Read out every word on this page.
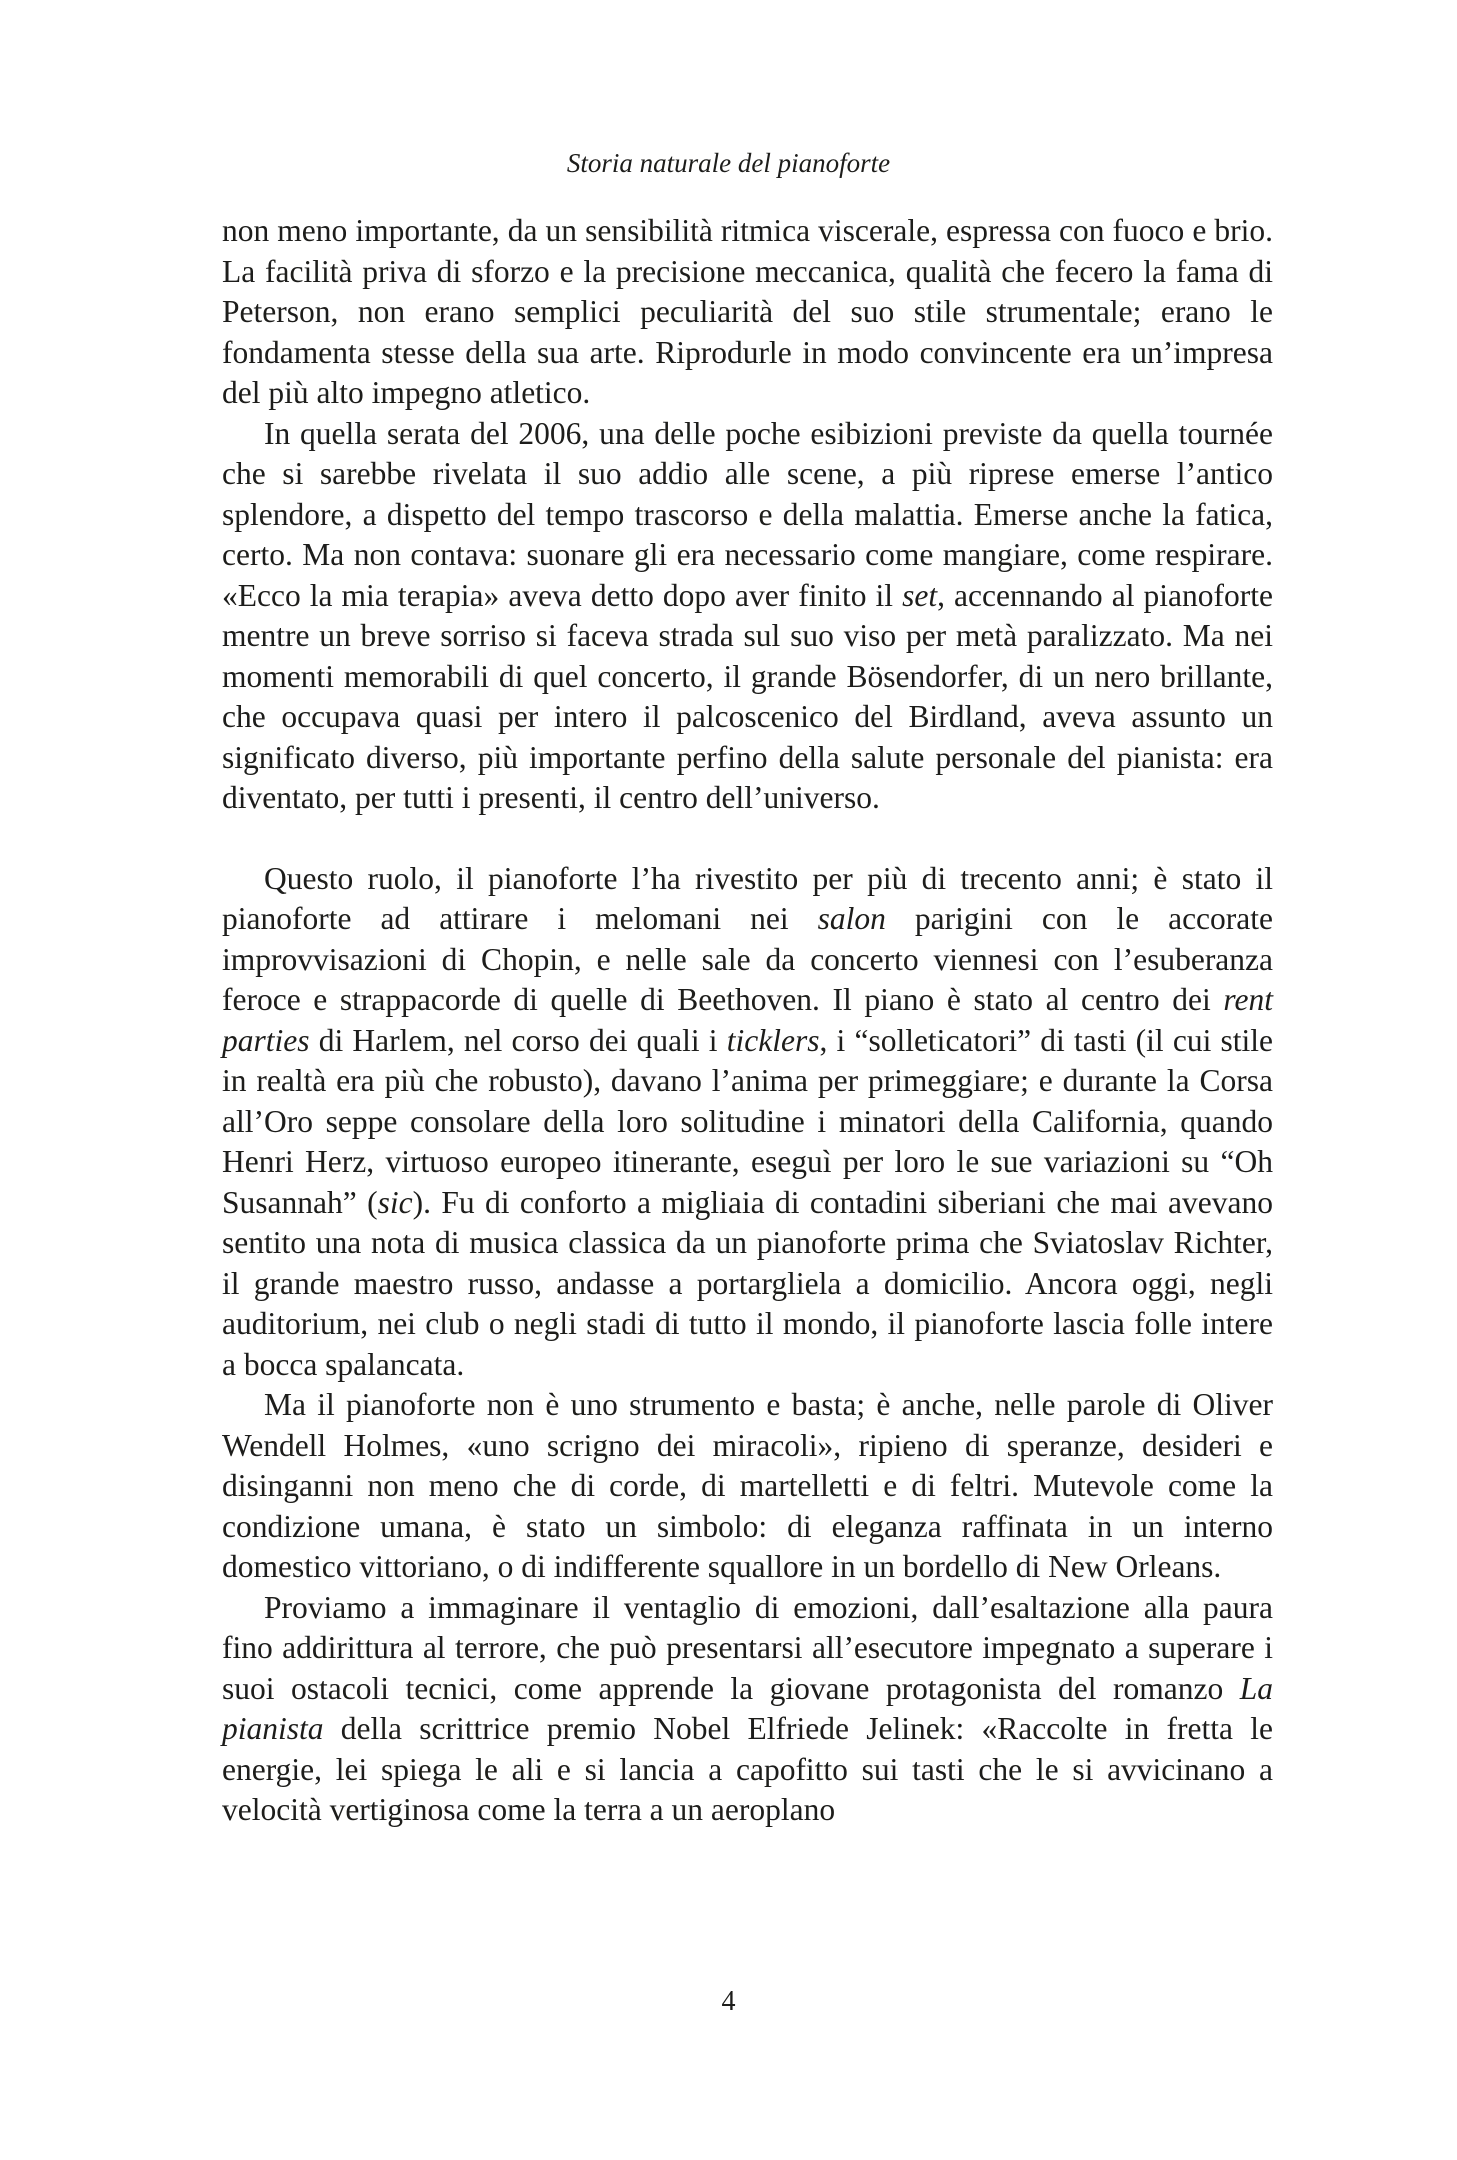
Storia naturale del pianoforte

non meno importante, da un sensibilità ritmica viscerale, espressa con fuoco e brio. La facilità priva di sforzo e la precisione meccanica, qualità che fecero la fama di Peterson, non erano semplici peculiarità del suo stile strumentale; erano le fondamenta stesse della sua arte. Riprodurle in modo convincente era un’impresa del più alto impegno atletico.

In quella serata del 2006, una delle poche esibizioni previste da quella tournée che si sarebbe rivelata il suo addio alle scene, a più riprese emerse l’antico splendore, a dispetto del tempo trascorso e della malattia. Emerse anche la fatica, certo. Ma non contava: suonare gli era necessario come mangiare, come respirare. «Ecco la mia terapia» aveva detto dopo aver finito il set, accennando al pianoforte mentre un breve sorriso si faceva strada sul suo viso per metà paralizzato. Ma nei momenti memorabili di quel concerto, il grande Bösendorfer, di un nero brillante, che occupava quasi per intero il palcoscenico del Birdland, aveva assunto un significato diverso, più importante perfino della salute personale del pianista: era diventato, per tutti i presenti, il centro dell’universo.

Questo ruolo, il pianoforte l’ha rivestito per più di trecento anni; è stato il pianoforte ad attirare i melomani nei salon parigini con le accorate improvvisazioni di Chopin, e nelle sale da concerto viennesi con l’esuberanza feroce e strappacorde di quelle di Beethoven. Il piano è stato al centro dei rent parties di Harlem, nel corso dei quali i ticklers, i “solleticatori” di tasti (il cui stile in realtà era più che robusto), davano l’anima per primeggiare; e durante la Corsa all’Oro seppe consolare della loro solitudine i minatori della California, quando Henri Herz, virtuoso europeo itinerante, eseguì per loro le sue variazioni su “Oh Susannah” (sic). Fu di conforto a migliaia di contadini siberiani che mai avevano sentito una nota di musica classica da un pianoforte prima che Sviatoslav Richter, il grande maestro russo, andasse a portargliela a domicilio. Ancora oggi, negli auditorium, nei club o negli stadi di tutto il mondo, il pianoforte lascia folle intere a bocca spalancata.

Ma il pianoforte non è uno strumento e basta; è anche, nelle parole di Oliver Wendell Holmes, «uno scrigno dei miracoli», ripieno di speranze, desideri e disinganni non meno che di corde, di martelletti e di feltri. Mutevole come la condizione umana, è stato un simbolo: di eleganza raffinata in un interno domestico vittoriano, o di indifferente squallore in un bordello di New Orleans.

Proviamo a immaginare il ventaglio di emozioni, dall’esaltazione alla paura fino addirittura al terrore, che può presentarsi all’esecutore impegnato a superare i suoi ostacoli tecnici, come apprende la giovane protagonista del romanzo La pianista della scrittrice premio Nobel Elfriede Jelinek: «Raccolte in fretta le energie, lei spiega le ali e si lancia a capofitto sui tasti che le si avvicinano a velocità vertiginosa come la terra a un aeroplano

4
